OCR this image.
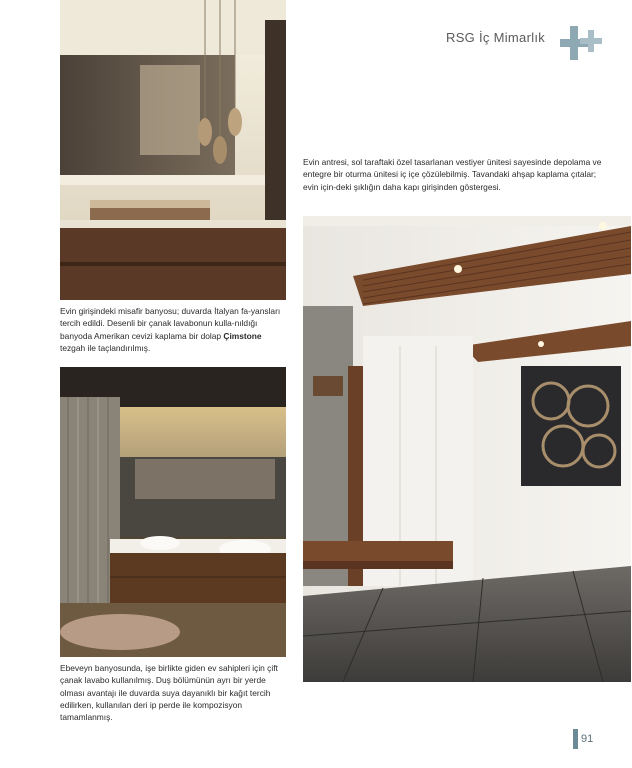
RSG İç Mimarlık
Evin girişindeki misafir banyosu; duvarda İtalyan fa-yansları tercih edildi. Desenli bir çanak lavabonun kulla-nıldığı banyoda Amerikan cevizi kaplama bir dolap Çimstone tezgah ile taçlandırılmış.
Ebeveyn banyosunda, işe birlikte giden ev sahipleri için çift çanak lavabo kullanılmış. Duş bölümünün ayrı bir yerde olması avantajı ile duvarda suya dayanıklı bir kağıt tercih edilirken, kullanılan deri ip perde ile kompozisyon tamamlanmış.
Evin antresi, sol taraftaki özel tasarlanan vestiyer ünitesi sayesinde depolama ve entegre bir oturma ünitesi iç içe çözülebilmiş. Tavandaki ahşap kaplama çıtalar; evin için-deki şıklığın daha kapı girişinden göstergesi.
91
